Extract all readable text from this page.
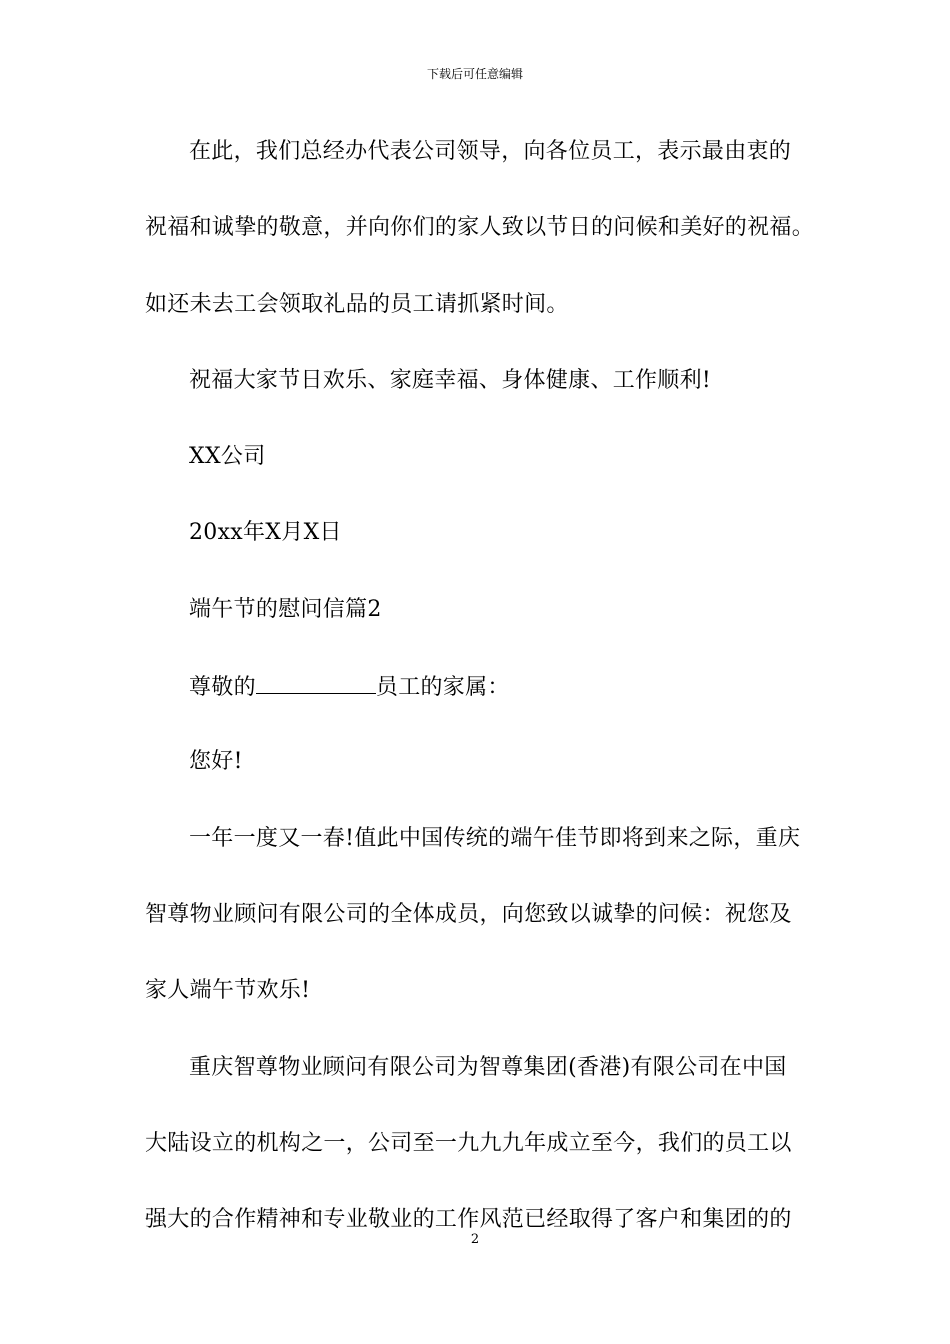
下载后可任意编辑
在此，我们总经办代表公司领导，向各位员工，表示最由衷的
祝福和诚挚的敬意，并向你们的家人致以节日的问候和美好的祝福。
如还未去工会领取礼品的员工请抓紧时间。
祝福大家节日欢乐、家庭幸福、身体健康、工作顺利!
XX公司
20xx年X月X日
端午节的慰问信篇2
尊敬的	员工的家属：
您好!
一年一度又一春!值此中国传统的端午佳节即将到来之际，重庆
智尊物业顾问有限公司的全体成员，向您致以诚挚的问候：祝您及
家人端午节欢乐!
重庆智尊物业顾问有限公司为智尊集团(香港)有限公司在中国
大陆设立的机构之一，公司至一九九九年成立至今，我们的员工以
强大的合作精神和专业敬业的工作风范已经取得了客户和集团的的
2
